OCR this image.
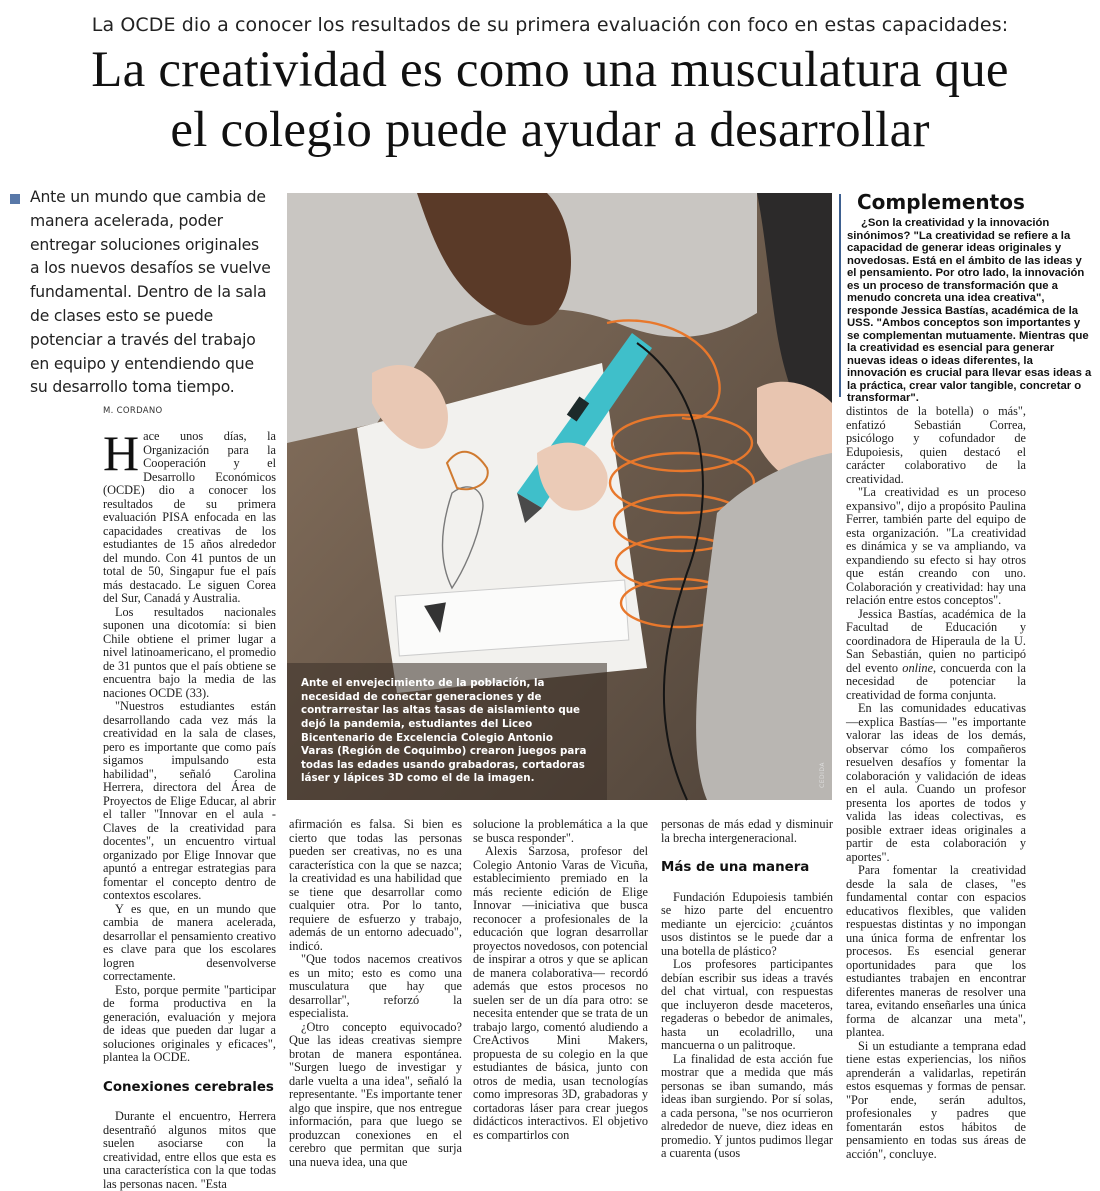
La OCDE dio a conocer los resultados de su primera evaluación con foco en estas capacidades:
La creatividad es como una musculatura que
el colegio puede ayudar a desarrollar

Ante un mundo que cambia de manera acelerada, poder entregar soluciones originales a los nuevos desafíos se vuelve fundamental. Dentro de la sala de clases esto se puede potenciar a través del trabajo en equipo y entendiendo que su desarrollo toma tiempo.

M. CORDANO
Ante el envejecimiento de la población, la necesidad de conectar generaciones y de contrarrestar las altas tasas de aislamiento que dejó la pandemia, estudiantes del Liceo Bicentenario de Excelencia Colegio Antonio Varas (Región de Coquimbo) crearon juegos para todas las edades usando grabadoras, cortadoras láser y lápices 3D como el de la imagen.	CEDIDA
Complementos

¿Son la creatividad y la innovación sinónimos? "La creatividad se refiere a la capacidad de generar ideas originales y novedosas. Está en el ámbito de las ideas y el pensamiento. Por otro lado, la innovación es un proceso de transformación que a menudo concreta una idea creativa", responde Jessica Bastías, académica de la USS. "Ambos conceptos son importantes y se complementan mutuamente. Mientras que la creatividad es esencial para generar nuevas ideas o ideas diferentes, la innovación es crucial para llevar esas ideas a la práctica, crear valor tangible, concretar o transformar".

Hace unos días, la Organización para la Cooperación y el Desarrollo Económicos (OCDE) dio a conocer los resultados de su primera evaluación PISA enfocada en las capacidades creativas de los estudiantes de 15 años alrededor del mundo. Con 41 puntos de un total de 50, Singapur fue el país más destacado. Le siguen Corea del Sur, Canadá y Australia.

Los resultados nacionales suponen una dicotomía: si bien Chile obtiene el primer lugar a nivel latinoamericano, el promedio de 31 puntos que el país obtiene se encuentra bajo la media de las naciones OCDE (33).

"Nuestros estudiantes están desarrollando cada vez más la creatividad en la sala de clases, pero es importante que como país sigamos impulsando esta habilidad", señaló Carolina Herrera, directora del Área de Proyectos de Elige Educar, al abrir el taller "Innovar en el aula - Claves de la creatividad para docentes", un encuentro virtual organizado por Elige Innovar que apuntó a entregar estrategias para fomentar el concepto dentro de contextos escolares.

Y es que, en un mundo que cambia de manera acelerada, desarrollar el pensamiento creativo es clave para que los escolares logren desenvolverse correctamente.

Esto, porque permite "participar de forma productiva en la generación, evaluación y mejora de ideas que pueden dar lugar a soluciones originales y eficaces", plantea la OCDE.

Conexiones cerebrales

Durante el encuentro, Herrera desentrañó algunos mitos que suelen asociarse con la creatividad, entre ellos que esta es una característica con la que todas las personas nacen. "Esta

afirmación es falsa. Si bien es cierto que todas las personas pueden ser creativas, no es una característica con la que se nazca; la creatividad es una habilidad que se tiene que desarrollar como cualquier otra. Por lo tanto, requiere de esfuerzo y trabajo, además de un entorno adecuado", indicó.

"Que todos nacemos creativos es un mito; esto es como una musculatura que hay que desarrollar", reforzó la especialista.

¿Otro concepto equivocado? Que las ideas creativas siempre brotan de manera espontánea. "Surgen luego de investigar y darle vuelta a una idea", señaló la representante. "Es importante tener algo que inspire, que nos entregue información, para que luego se produzcan conexiones en el cerebro que permitan que surja una nueva idea, una que

solucione la problemática a la que se busca responder".

Alexis Sarzosa, profesor del Colegio Antonio Varas de Vicuña, establecimiento premiado en la más reciente edición de Elige Innovar —iniciativa que busca reconocer a profesionales de la educación que logran desarrollar proyectos novedosos, con potencial de inspirar a otros y que se aplican de manera colaborativa— recordó además que estos procesos no suelen ser de un día para otro: se necesita entender que se trata de un trabajo largo, comentó aludiendo a CreActivos Mini Makers, propuesta de su colegio en la que estudiantes de básica, junto con otros de media, usan tecnologías como impresoras 3D, grabadoras y cortadoras láser para crear juegos didácticos interactivos. El objetivo es compartirlos con

personas de más edad y disminuir la brecha intergeneracional.

Más de una manera

Fundación Edupoiesis también se hizo parte del encuentro mediante un ejercicio: ¿cuántos usos distintos se le puede dar a una botella de plástico?

Los profesores participantes debían escribir sus ideas a través del chat virtual, con respuestas que incluyeron desde maceteros, regaderas o bebedor de animales, hasta un ecoladrillo, una mancuerna o un palitroque.

La finalidad de esta acción fue mostrar que a medida que más personas se iban sumando, más ideas iban surgiendo. Por sí solas, a cada persona, "se nos ocurrieron alrededor de nueve, diez ideas en promedio. Y juntos pudimos llegar a cuarenta (usos

distintos de la botella) o más", enfatizó Sebastián Correa, psicólogo y cofundador de Edupoiesis, quien destacó el carácter colaborativo de la creatividad.

"La creatividad es un proceso expansivo", dijo a propósito Paulina Ferrer, también parte del equipo de esta organización. "La creatividad es dinámica y se va ampliando, va expandiendo su efecto si hay otros que están creando con uno. Colaboración y creatividad: hay una relación entre estos conceptos".

Jessica Bastías, académica de la Facultad de Educación y coordinadora de Hiperaula de la U. San Sebastián, quien no participó del evento online, concuerda con la necesidad de potenciar la creatividad de forma conjunta.

En las comunidades educativas —explica Bastías— "es importante valorar las ideas de los demás, observar cómo los compañeros resuelven desafíos y fomentar la colaboración y validación de ideas en el aula. Cuando un profesor presenta los aportes de todos y valida las ideas colectivas, es posible extraer ideas originales a partir de esta colaboración y aportes".

Para fomentar la creatividad desde la sala de clases, "es fundamental contar con espacios educativos flexibles, que validen respuestas distintas y no impongan una única forma de enfrentar los procesos. Es esencial generar oportunidades para que los estudiantes trabajen en encontrar diferentes maneras de resolver una tarea, evitando enseñarles una única forma de alcanzar una meta", plantea.

Si un estudiante a temprana edad tiene estas experiencias, los niños aprenderán a validarlas, repetirán estos esquemas y formas de pensar. "Por ende, serán adultos, profesionales y padres que fomentarán estos hábitos de pensamiento en todas sus áreas de acción", concluye.
